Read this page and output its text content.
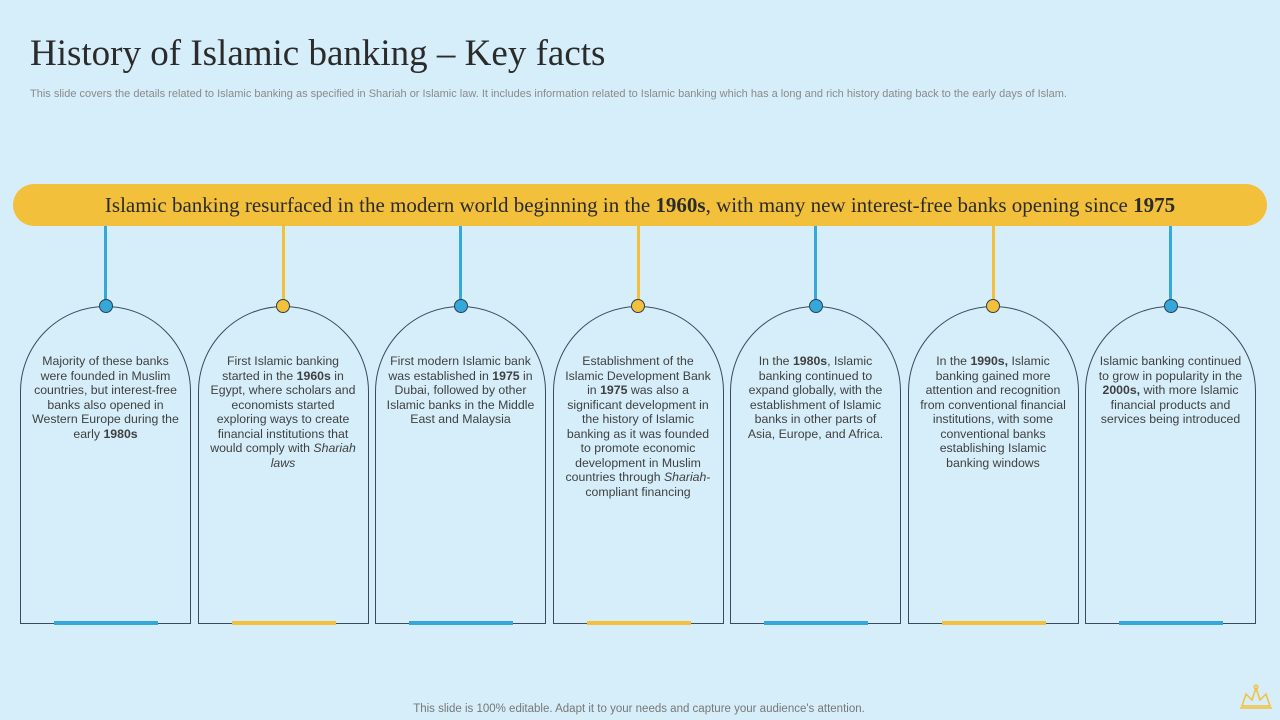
History of Islamic banking – Key facts
This slide covers the details related to Islamic banking as specified in Shariah or Islamic law. It includes information related to Islamic banking which has a long and rich history dating back to the early days of Islam.
Islamic banking resurfaced in the modern world beginning in the 1960s , with many new interest-free banks opening since 1975
Majority of these banks were founded in Muslim countries, but interest-free banks also opened in Western Europe during the early 1980s
First Islamic banking started in the 1960s in Egypt, where scholars and economists started exploring ways to create financial institutions that would comply with Shariah laws
First modern Islamic bank was established in 1975 in Dubai, followed by other Islamic banks in the Middle East and Malaysia
Establishment of the Islamic Development Bank in 1975 was also a significant development in the history of Islamic banking as it was founded to promote economic development in Muslim countries through Shariah-compliant financing
In the 1980s, Islamic banking continued to expand globally, with the establishment of Islamic banks in other parts of Asia, Europe, and Africa.
In the 1990s, Islamic banking gained more attention and recognition from conventional financial institutions, with some conventional banks establishing Islamic banking windows
Islamic banking continued to grow in popularity in the 2000s, with more Islamic financial products and services being introduced
This slide is 100% editable. Adapt it to your needs and capture your audience's attention.
